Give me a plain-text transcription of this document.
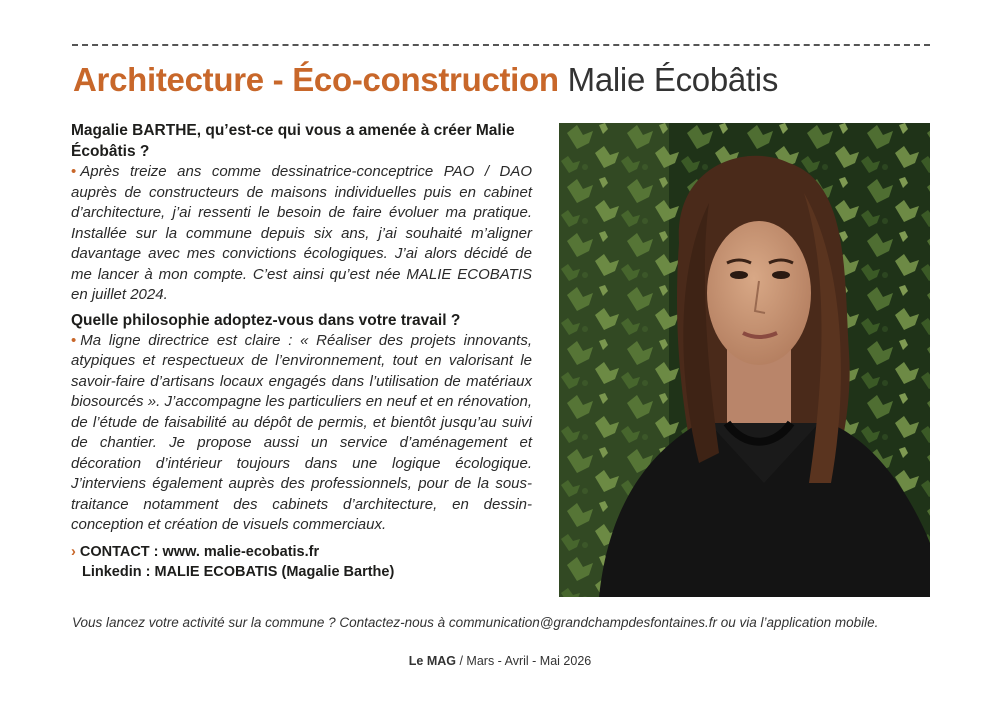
Architecture - Éco-construction Malie Écobâtis

Magalie BARTHE, qu’est-ce qui vous a amenée à créer Malie Écobâtis ?

• Après treize ans comme dessinatrice-conceptrice PAO / DAO auprès de constructeurs de maisons individuelles puis en cabinet d’architecture, j’ai ressenti le besoin de faire évoluer ma pratique. Installée sur la commune depuis six ans, j’ai souhaité m’aligner davantage avec mes convictions écologiques. J’ai alors décidé de me lancer à mon compte. C’est ainsi qu’est née MALIE ECOBATIS en juillet 2024.

Quelle philosophie adoptez-vous dans votre travail ?

• Ma ligne directrice est claire : « Réaliser des projets innovants, atypiques et respectueux de l’environnement, tout en valorisant le savoir-faire d’artisans locaux engagés dans l’utilisation de matériaux biosourcés ». J’accompagne les particuliers en neuf et en rénovation, de l’étude de faisabilité au dépôt de permis, et bientôt jusqu’au suivi de chantier. Je propose aussi un service d’aménagement et décoration d’intérieur toujours dans une logique écologique. J’interviens également auprès des professionnels, pour de la sous-traitance notamment des cabinets d’architecture, en dessin-conception et création de visuels commerciaux.

› CONTACT : www. malie-ecobatis.fr
Linkedin : MALIE ECOBATIS (Magalie Barthe)

Vous lancez votre activité sur la commune ? Contactez-nous à communication@grandchampdesfontaines.fr ou via l’application mobile.

Le MAG / Mars - Avril - Mai 2026
